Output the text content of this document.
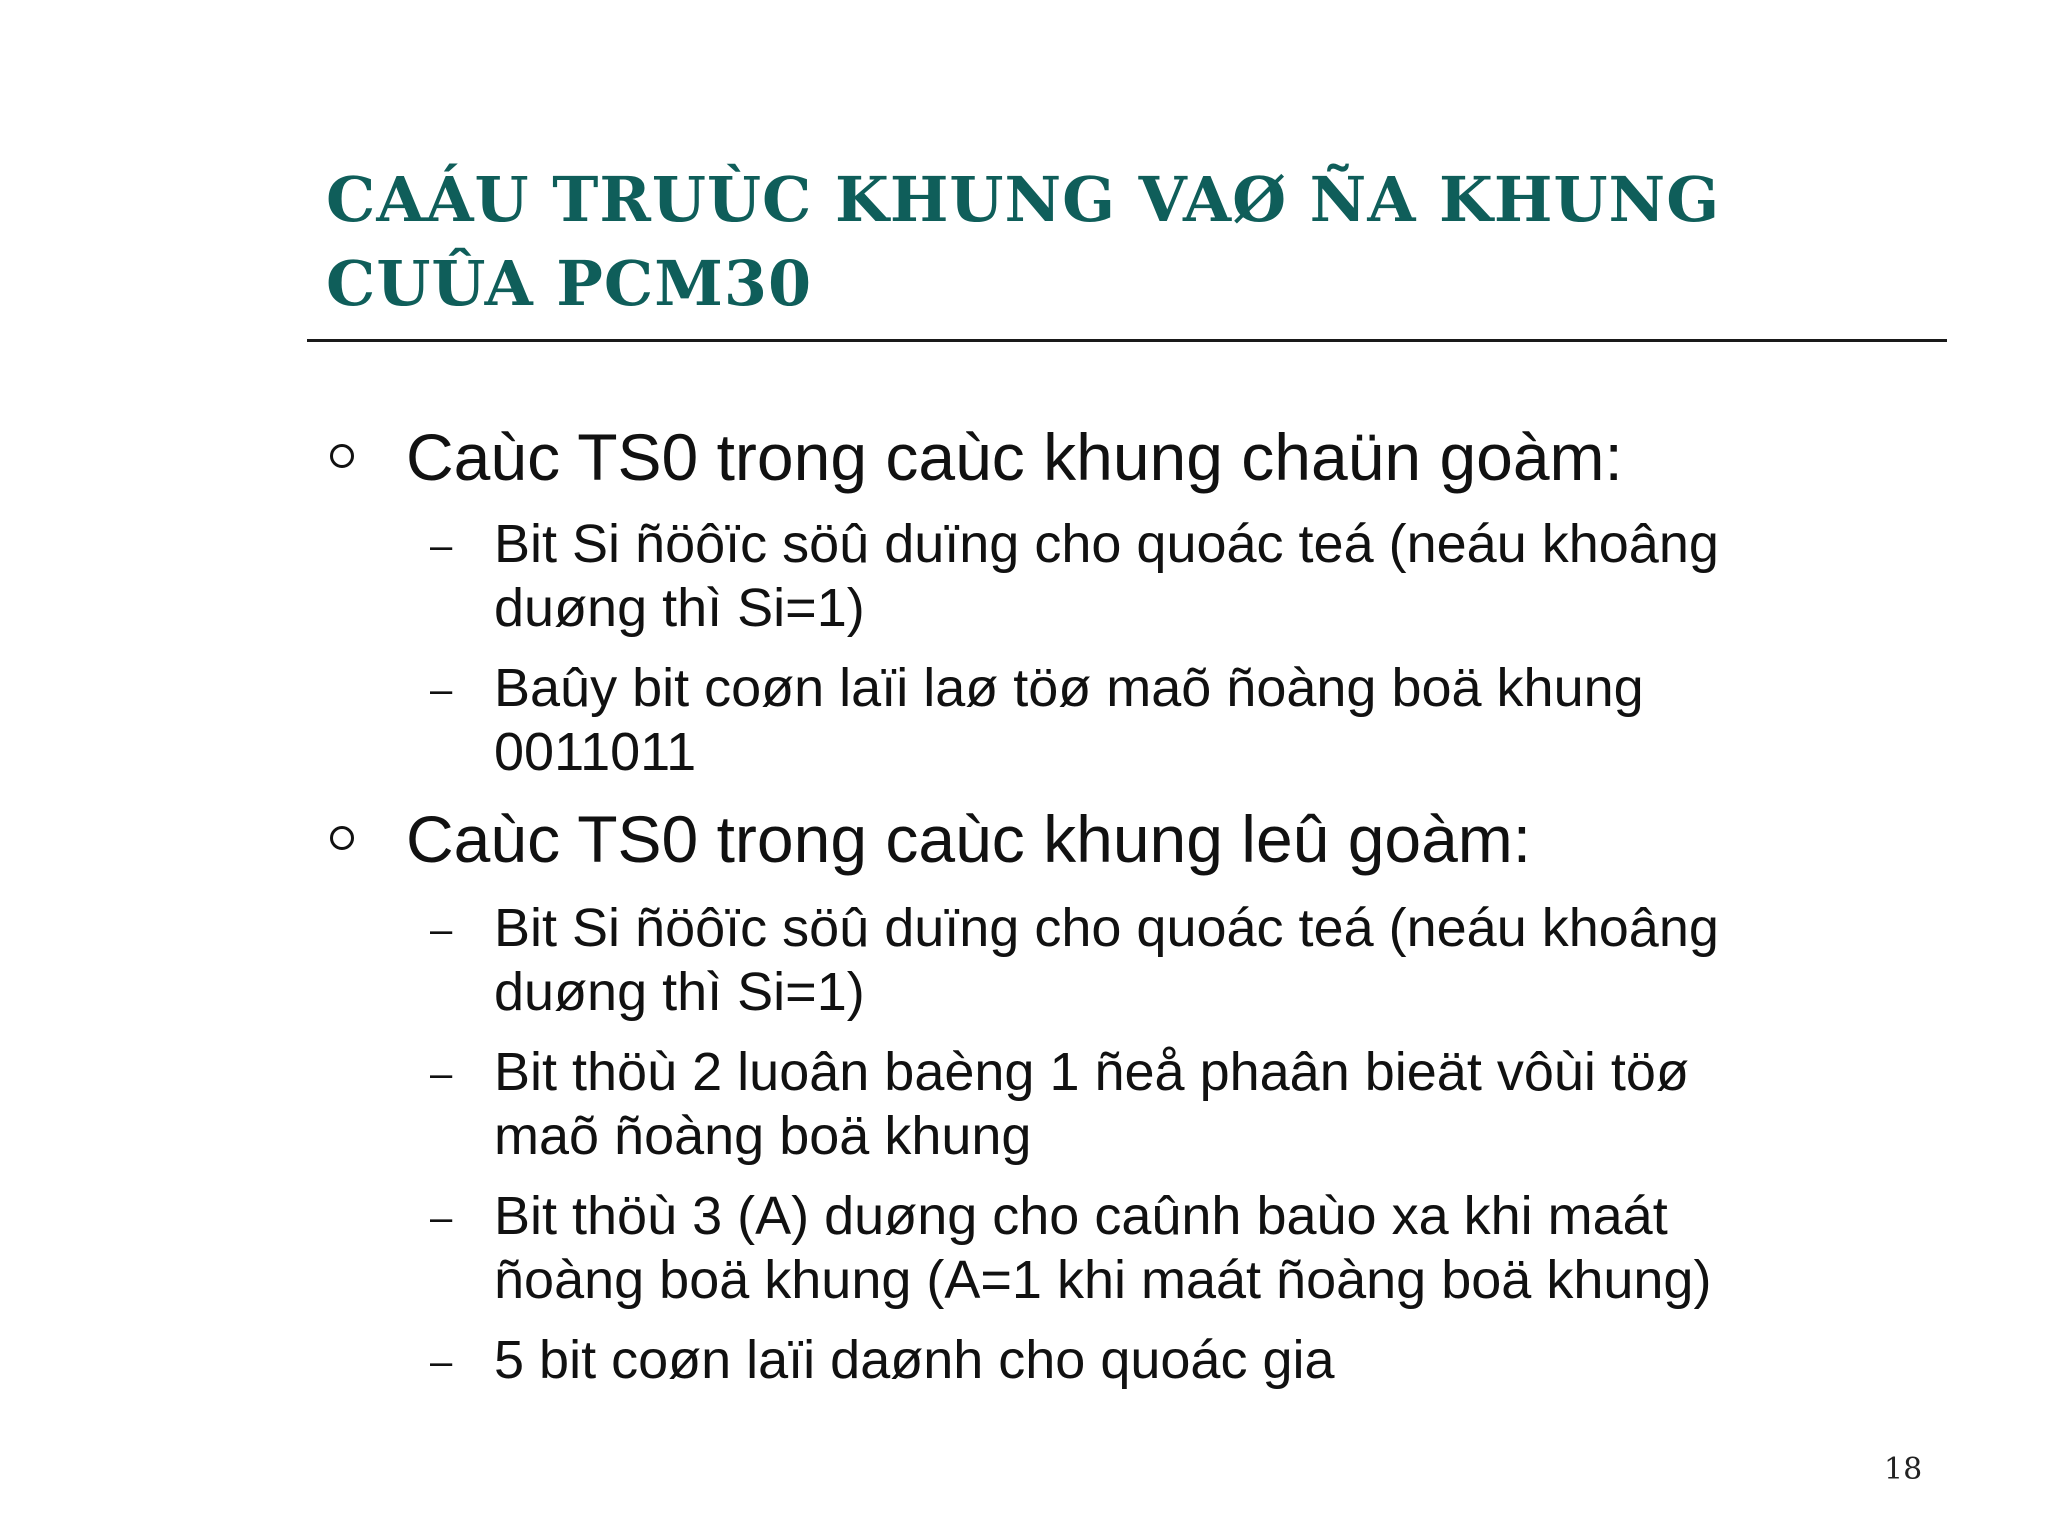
CAÁU TRUÙC KHUNG VAØ ÑA KHUNG
CUÛA PCM30
Caùc TS0 trong caùc khung chaün goàm:
– Bit Si ñöôïc söû duïng cho quoác teá (neáu khoâng
duøng thì Si=1)
– Baûy bit coøn laïi laø töø maõ ñoàng boä khung
0011011
Caùc TS0 trong caùc khung leû goàm:
– Bit Si ñöôïc söû duïng cho quoác teá (neáu khoâng
duøng thì Si=1)
– Bit thöù 2 luoân baèng 1 ñeå phaân bieät vôùi töø
maõ ñoàng boä khung
– Bit thöù 3 (A) duøng cho caûnh baùo xa khi maát
ñoàng boä khung (A=1 khi maát ñoàng boä khung)
– 5 bit coøn laïi daønh cho quoác gia
18
